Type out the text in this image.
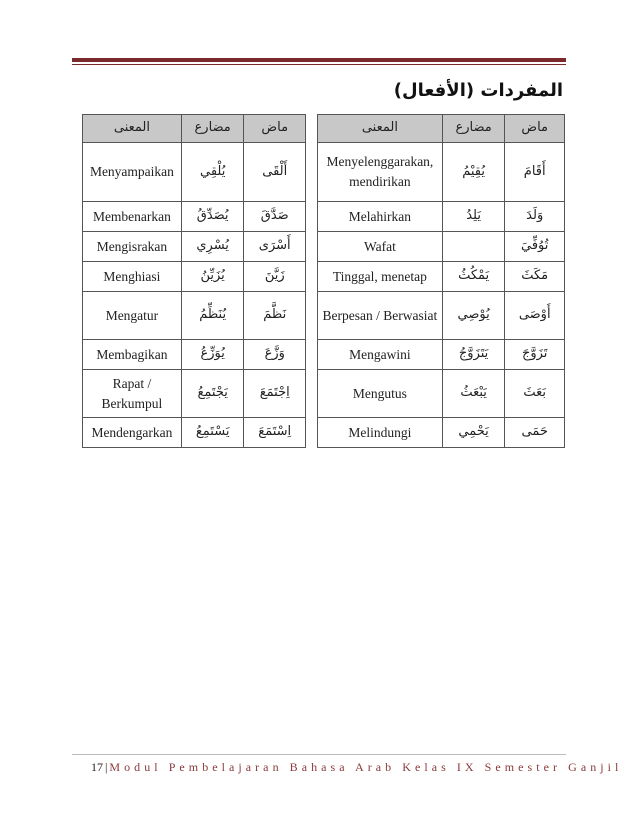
المفردات (الأفعال)
المعنى	مضارع	ماض
Menyampaikan	يُلْقِي	أَلْقَى
Membenarkan	يُصَدِّقُ	صَدَّقَ
Mengisrakan	يُسْرِي	أَسْرَى
Menghiasi	يُزَيِّنُ	زَيَّنَ
Mengatur	يُنَظِّمُ	نَظَّمَ
Membagikan	يُوَزِّعُ	وَزَّعَ
Rapat / Berkumpul	يَجْتَمِعُ	اِجْتَمَعَ
Mendengarkan	يَسْتَمِعُ	اِسْتَمَعَ
المعنى	مضارع	ماض
Menyelenggarakan, mendirikan	يُقِيْمُ	أَقَامَ
Melahirkan	يَلِدُ	وَلَدَ
Wafat		تُوُفِّيَ
Tinggal, menetap	يَمْكُثُ	مَكَثَ
Berpesan / Berwasiat	يُوْصِي	أَوْصَى
Mengawini	يَتَزَوَّجُ	تَزَوَّجَ
Mengutus	يَبْعَثُ	بَعَثَ
Melindungi	يَحْمِي	حَمَى
17 | Modul Pembelajaran Bahasa Arab Kelas IX Semester Ganjil
